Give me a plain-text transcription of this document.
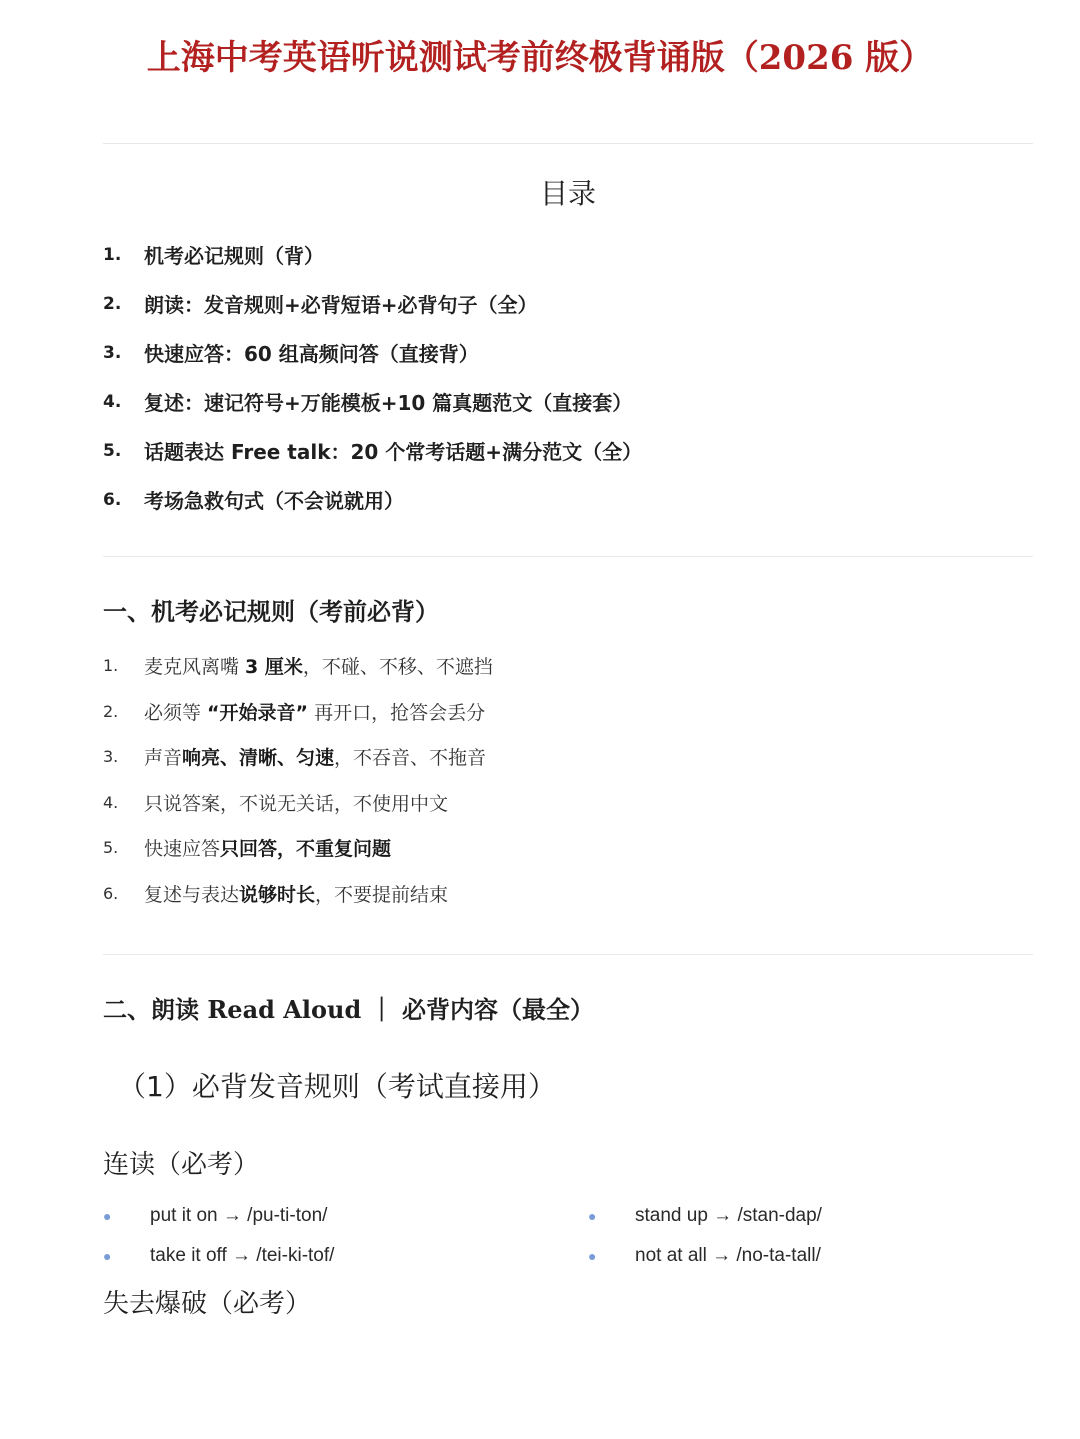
上海中考英语听说测试考前终极背诵版（2026 版）
目录
1.	机考必记规则（背）
2.	朗读：发音规则+必背短语+必背句子（全）
3.	快速应答：60 组高频问答（直接背）
4.	复述：速记符号+万能模板+10 篇真题范文（直接套）
5.	话题表达 Free talk：20 个常考话题+满分范文（全）
6.	考场急救句式（不会说就用）
一、机考必记规则（考前必背）
1.	麦克风离嘴 3 厘米，不碰、不移、不遮挡
2.	必须等 “开始录音” 再开口，抢答会丢分
3.	声音响亮、清晰、匀速，不吞音、不拖音
4.	只说答案，不说无关话，不使用中文
5.	快速应答只回答，不重复问题
6.	复述与表达说够时长，不要提前结束
二、朗读 Read Aloud ｜ 必背内容（最全）
（1）必背发音规则（考试直接用）
连读（必考）
●	put it on → /pu-ti-ton/	●	stand up → /stan-dap/
●	take it off → /tei-ki-tof/	●	not at all → /no-ta-tall/
失去爆破（必考）
